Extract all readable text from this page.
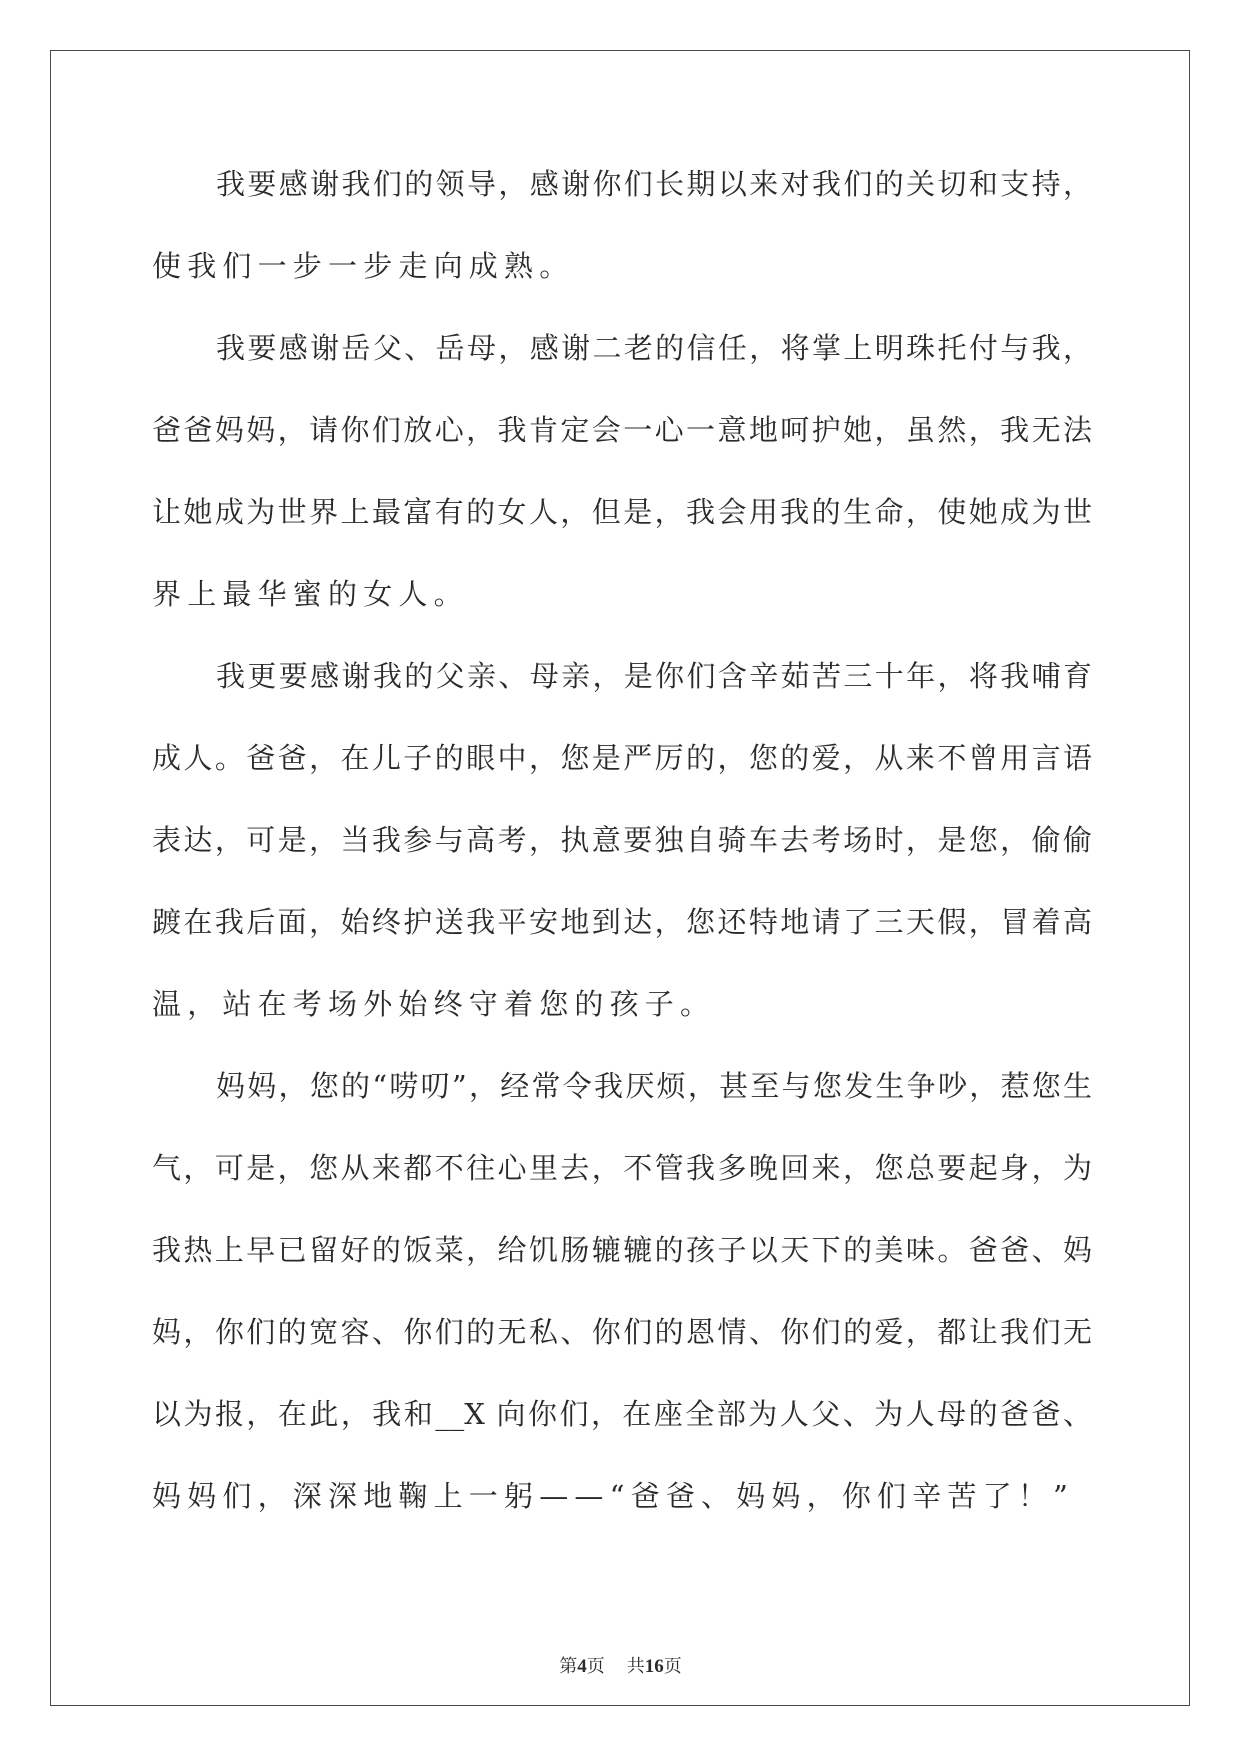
我要感谢我们的领导，感谢你们长期以来对我们的关切和支持，
使我们一步一步走向成熟。
我要感谢岳父、岳母，感谢二老的信任，将掌上明珠托付与我，
爸爸妈妈，请你们放心，我肯定会一心一意地呵护她，虽然，我无法
让她成为世界上最富有的女人，但是，我会用我的生命，使她成为世
界上最华蜜的女人。
我更要感谢我的父亲、母亲，是你们含辛茹苦三十年，将我哺育
成人。爸爸，在儿子的眼中，您是严厉的，您的爱，从来不曾用言语
表达，可是，当我参与高考，执意要独自骑车去考场时，是您，偷偷
踱在我后面，始终护送我平安地到达，您还特地请了三天假，冒着高
温，站在考场外始终守着您的孩子。
妈妈，您的“唠叨”，经常令我厌烦，甚至与您发生争吵，惹您生
气，可是，您从来都不往心里去，不管我多晚回来，您总要起身，为
我热上早已留好的饭菜，给饥肠辘辘的孩子以天下的美味。爸爸、妈
妈，你们的宽容、你们的无私、你们的恩情、你们的爱，都让我们无
以为报，在此，我和__X 向你们，在座全部为人父、为人母的爸爸、
妈妈们，深深地鞠上一躬——“爸爸、妈妈，你们辛苦了！”
第4页 共16页
